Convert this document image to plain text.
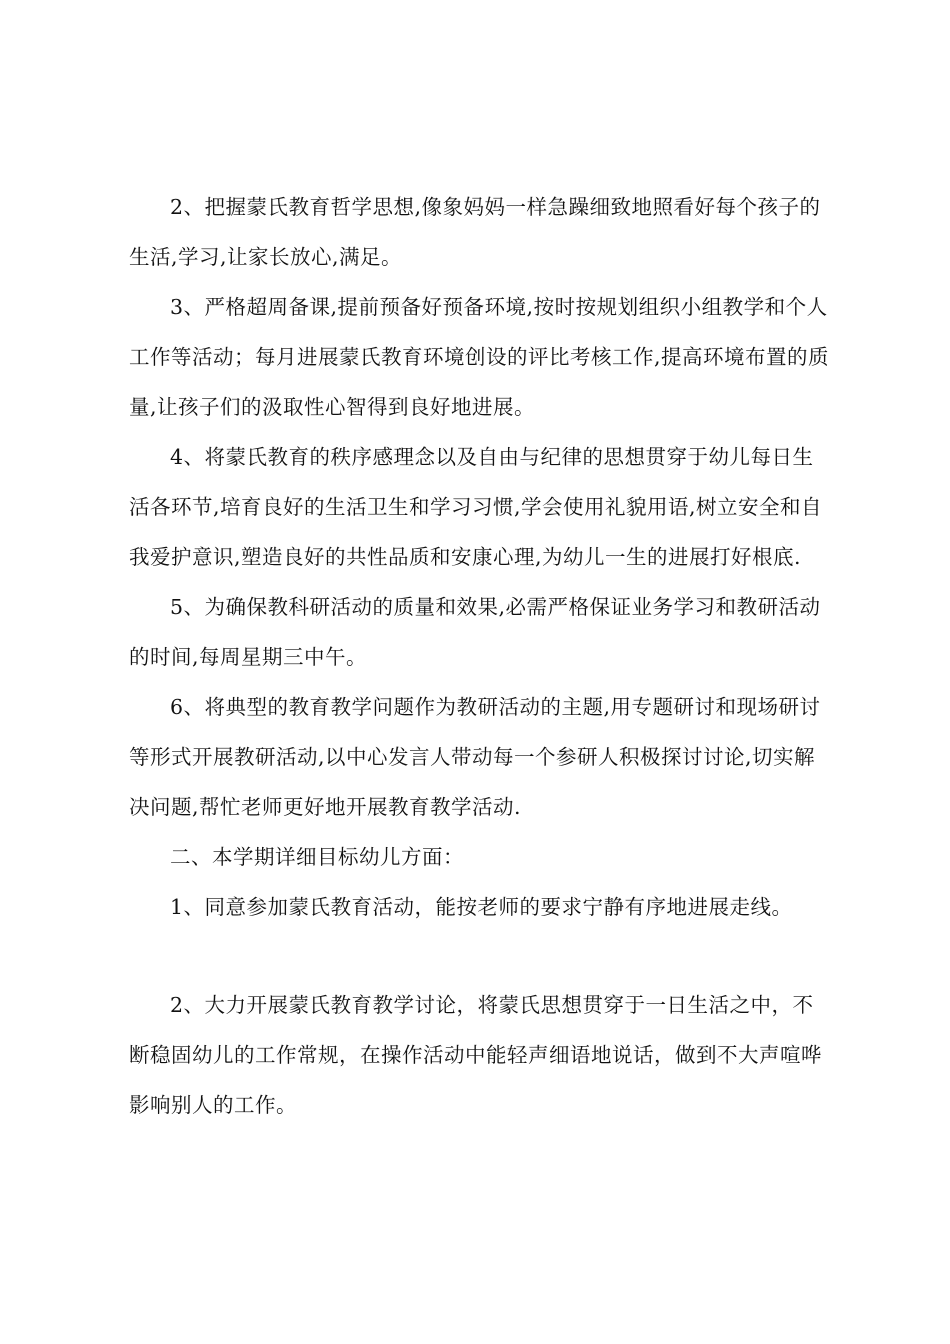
2、把握蒙氏教育哲学思想,像象妈妈一样急躁细致地照看好每个孩子的生活,学习,让家长放心,满足。

3、严格超周备课,提前预备好预备环境,按时按规划组织小组教学和个人工作等活动；每月进展蒙氏教育环境创设的评比考核工作,提高环境布置的质量,让孩子们的汲取性心智得到良好地进展。

4、将蒙氏教育的秩序感理念以及自由与纪律的思想贯穿于幼儿每日生活各环节,培育良好的生活卫生和学习习惯,学会使用礼貌用语,树立安全和自我爱护意识,塑造良好的共性品质和安康心理,为幼儿一生的进展打好根底.

5、为确保教科研活动的质量和效果,必需严格保证业务学习和教研活动的时间,每周星期三中午。

6、将典型的教育教学问题作为教研活动的主题,用专题研讨和现场研讨等形式开展教研活动,以中心发言人带动每一个参研人积极探讨讨论,切实解决问题,帮忙老师更好地开展教育教学活动.

二、本学期详细目标幼儿方面：

1、同意参加蒙氏教育活动，能按老师的要求宁静有序地进展走线。

2、大力开展蒙氏教育教学讨论，将蒙氏思想贯穿于一日生活之中，不断稳固幼儿的工作常规，在操作活动中能轻声细语地说话，做到不大声喧哗影响别人的工作。
